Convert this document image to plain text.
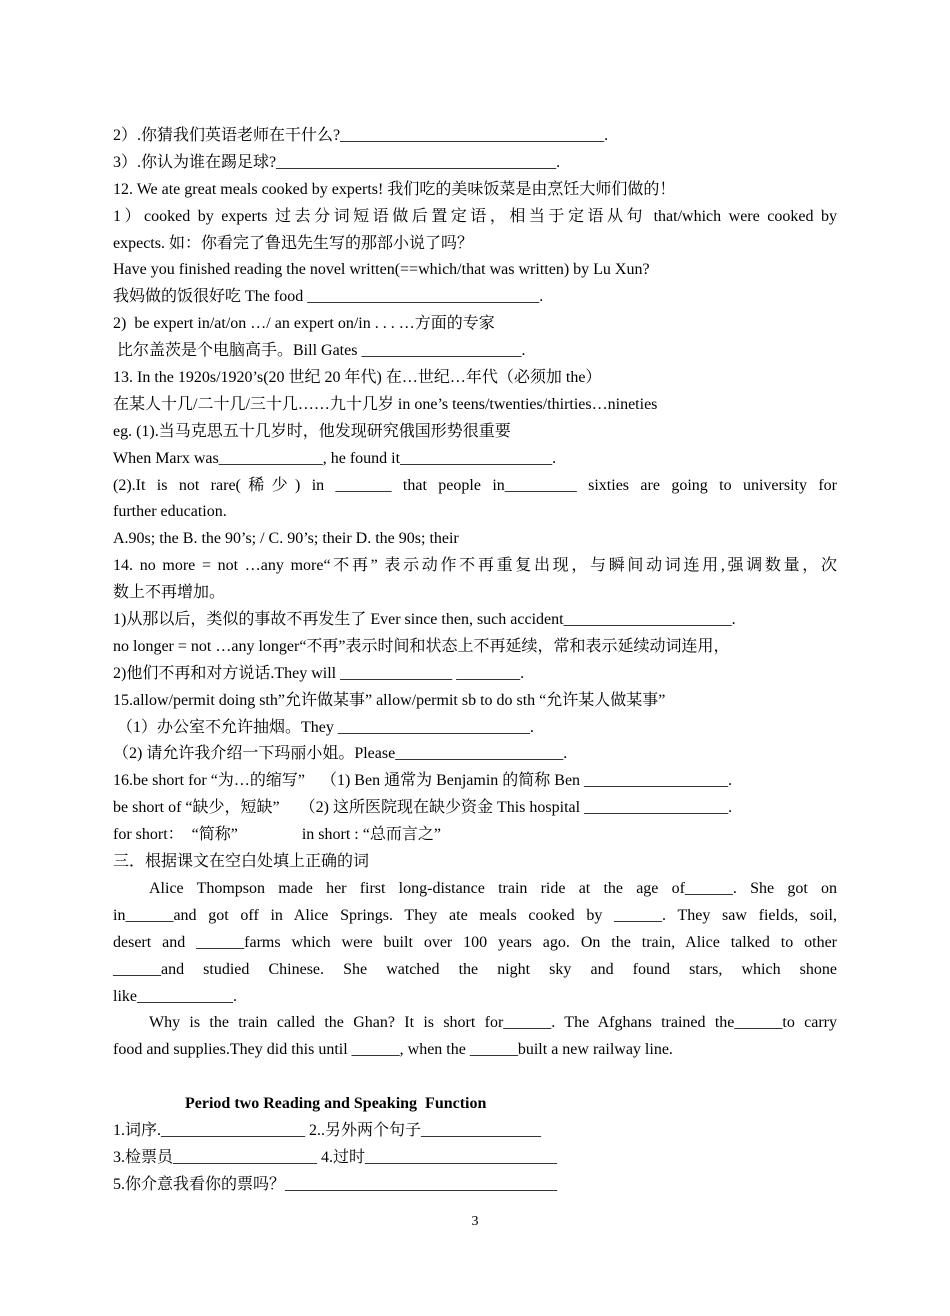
2）.你猜我们英语老师在干什么?_________________________________.
3）.你认为谁在踢足球?___________________________________.
12. We ate great meals cooked by experts! 我们吃的美味饭菜是由烹饪大师们做的！
1）cooked by experts 过去分词短语做后置定语，相当于定语从句 that/which were cooked by
expects. 如：你看完了鲁迅先生写的那部小说了吗？
Have you finished reading the novel written(==which/that was written) by Lu Xun?
我妈做的饭很好吃 The food _____________________________.
2)  be expert in/at/on …/ an expert on/in . . . …方面的专家
比尔盖茨是个电脑高手。Bill Gates ____________________.
13. In the 1920s/1920’s(20 世纪 20 年代) 在…世纪…年代（必须加 the）
在某人十几/二十几/三十几……九十几岁 in one’s teens/twenties/thirties…nineties
eg. (1).当马克思五十几岁时，他发现研究俄国形势很重要
When Marx was_____________, he found it___________________.
(2).It is not rare(稀少) in _______ that people in_________ sixties are going to university for
further education.
A.90s; the B. the 90’s; / C. 90’s; their D. the 90s; their
14. no more = not …any more“不再” 表示动作不再重复出现，与瞬间动词连用,强调数量，次
数上不再增加。
1)从那以后，类似的事故不再发生了 Ever since then, such accident_____________________.
no longer = not …any longer“不再”表示时间和状态上不再延续，常和表示延续动词连用，
2)他们不再和对方说话.They will ______________ ________.
15.allow/permit doing sth”允许做某事” allow/permit sb to do sth “允许某人做某事”
（1）办公室不允许抽烟。They ________________________.
（2) 请允许我介绍一下玛丽小姐。Please_____________________.
16.be short for “为…的缩写”    （1) Ben 通常为 Benjamin 的简称 Ben __________________.
be short of “缺少，短缺”     （2) 这所医院现在缺少资金 This hospital __________________.
for short：  “简称”                in short : “总而言之”
三．根据课文在空白处填上正确的词
Alice Thompson made her first long-distance train ride at the age of______. She got on
in______and got off in Alice Springs. They ate meals cooked by ______. They saw fields, soil,
desert and ______farms which were built over 100 years ago. On the train, Alice talked to other
______and studied Chinese. She watched the night sky and found stars, which shone
like____________.
Why is the train called the Ghan? It is short for______. The Afghans trained the______to carry
food and supplies.They did this until ______, when the ______built a new railway line.
Period two Reading and Speaking  Function
1.词序.__________________ 2..另外两个句子_______________
3.检票员__________________ 4.过时________________________
5.你介意我看你的票吗？__________________________________
3
